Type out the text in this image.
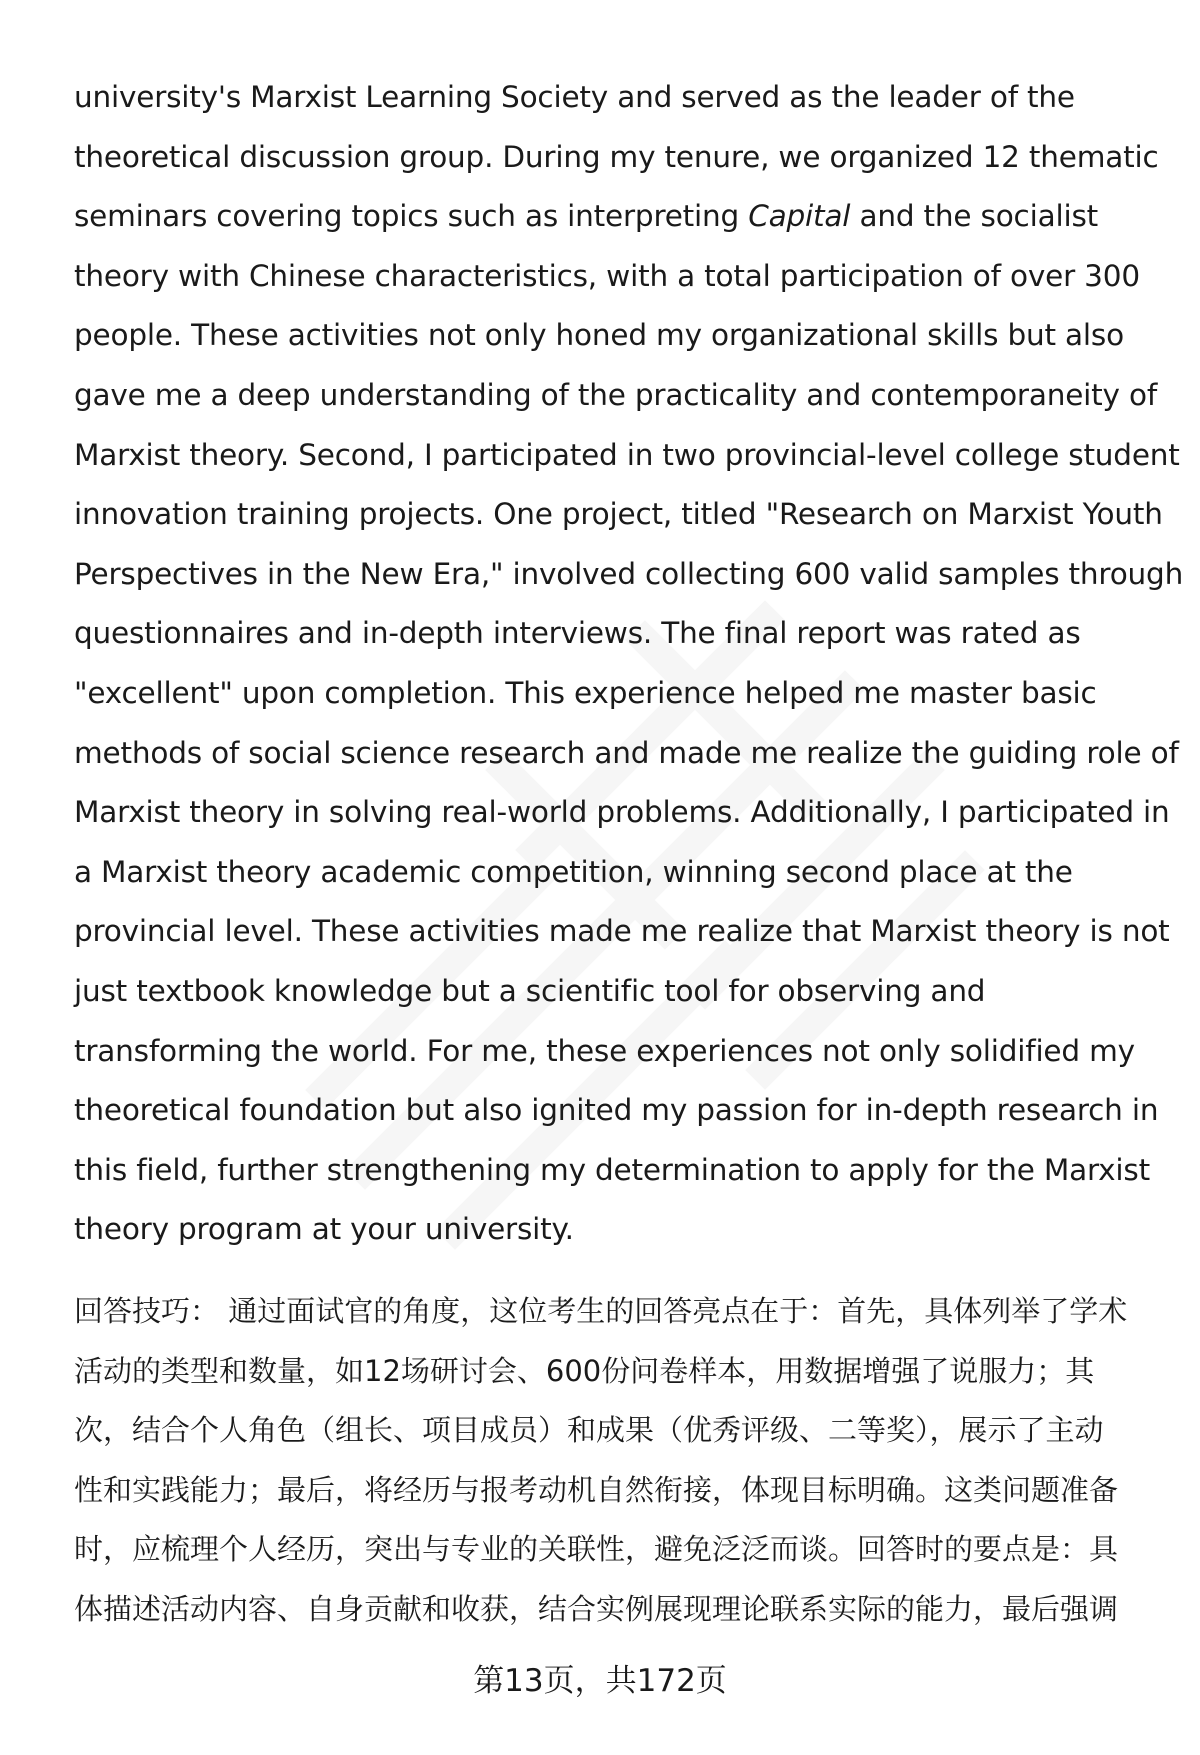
university's Marxist Learning Society and served as the leader of the
theoretical discussion group. During my tenure, we organized 12 thematic
seminars covering topics such as interpreting Capital and the socialist
theory with Chinese characteristics, with a total participation of over 300
people. These activities not only honed my organizational skills but also
gave me a deep understanding of the practicality and contemporaneity of
Marxist theory. Second, I participated in two provincial-level college student
innovation training projects. One project, titled "Research on Marxist Youth
Perspectives in the New Era," involved collecting 600 valid samples through
questionnaires and in-depth interviews. The final report was rated as
"excellent" upon completion. This experience helped me master basic
methods of social science research and made me realize the guiding role of
Marxist theory in solving real-world problems. Additionally, I participated in
a Marxist theory academic competition, winning second place at the
provincial level. These activities made me realize that Marxist theory is not
just textbook knowledge but a scientific tool for observing and
transforming the world. For me, these experiences not only solidified my
theoretical foundation but also ignited my passion for in-depth research in
this field, further strengthening my determination to apply for the Marxist
theory program at your university.

回答技巧： 通过面试官的角度，这位考生的回答亮点在于：首先，具体列举了学术
活动的类型和数量，如12场研讨会、600份问卷样本，用数据增强了说服力；其
次，结合个人角色（组长、项目成员）和成果（优秀评级、二等奖），展示了主动
性和实践能力；最后，将经历与报考动机自然衔接，体现目标明确。这类问题准备
时，应梳理个人经历，突出与专业的关联性，避免泛泛而谈。回答时的要点是：具
体描述活动内容、自身贡献和收获，结合实例展现理论联系实际的能力，最后强调

第13页，共172页
